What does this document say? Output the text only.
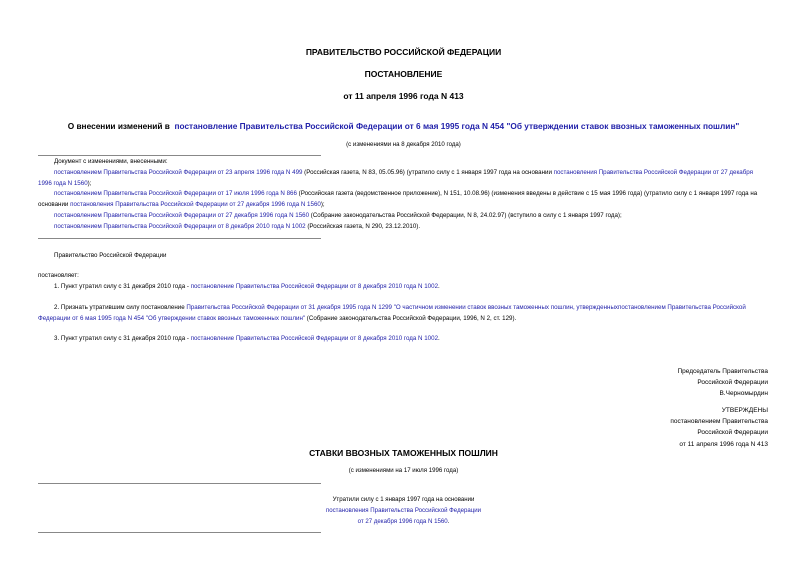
ПРАВИТЕЛЬСТВО РОССИЙСКОЙ ФЕДЕРАЦИИ
ПОСТАНОВЛЕНИЕ
от 11 апреля 1996 года N 413
О внесении изменений в постановление Правительства Российской Федерации от 6 мая 1995 года N 454 "Об утверждении ставок ввозных таможенных пошлин"
(с изменениями на 8 декабря 2010 года)
Документ с изменениями, внесенными:
постановлением Правительства Российской Федерации от 23 апреля 1996 года N 499 (Российская газета, N 83, 05.05.96) (утратило силу с 1 января 1997 года на основании постановления Правительства Российской Федерации от 27 декабря 1996 года N 1560);
постановлением Правительства Российской Федерации от 17 июля 1996 года N 866 (Российская газета (ведомственное приложение), N 151, 10.08.96) (изменения введены в действие с 15 мая 1996 года) (утратило силу с 1 января 1997 года на основании постановления Правительства Российской Федерации от 27 декабря 1996 года N 1560);
постановлением Правительства Российской Федерации от 27 декабря 1996 года N 1560 (Собрание законодательства Российской Федерации, N 8, 24.02.97) (вступило в силу с 1 января 1997 года);
постановлением Правительства Российской Федерации от 8 декабря 2010 года N 1002 (Российская газета, N 290, 23.12.2010).
Правительство Российской Федерации
постановляет:
1. Пункт утратил силу с 31 декабря 2010 года - постановление Правительства Российской Федерации от 8 декабря 2010 года N 1002.
2. Признать утратившим силу постановление Правительства Российской Федерации от 31 декабря 1995 года N 1299 "О частичном изменении ставок ввозных таможенных пошлин, утвержденныхпостановлением Правительства Российской Федерации от 6 мая 1995 года N 454 "Об утверждении ставок ввозных таможенных пошлин" (Собрание законодательства Российской Федерации, 1996, N 2, ст. 129).
3. Пункт утратил силу с 31 декабря 2010 года - постановление Правительства Российской Федерации от 8 декабря 2010 года N 1002.
Председатель Правительства
Российской Федерации
В.Черномырдин
УТВЕРЖДЕНЫ
постановлением Правительства
Российской Федерации
от 11 апреля 1996 года N 413
СТАВКИ ВВОЗНЫХ ТАМОЖЕННЫХ ПОШЛИН
(с изменениями на 17 июля 1996 года)
Утратили силу с 1 января 1997 года на основании
постановления Правительства Российской Федерации
от 27 декабря 1996 года N 1560.
